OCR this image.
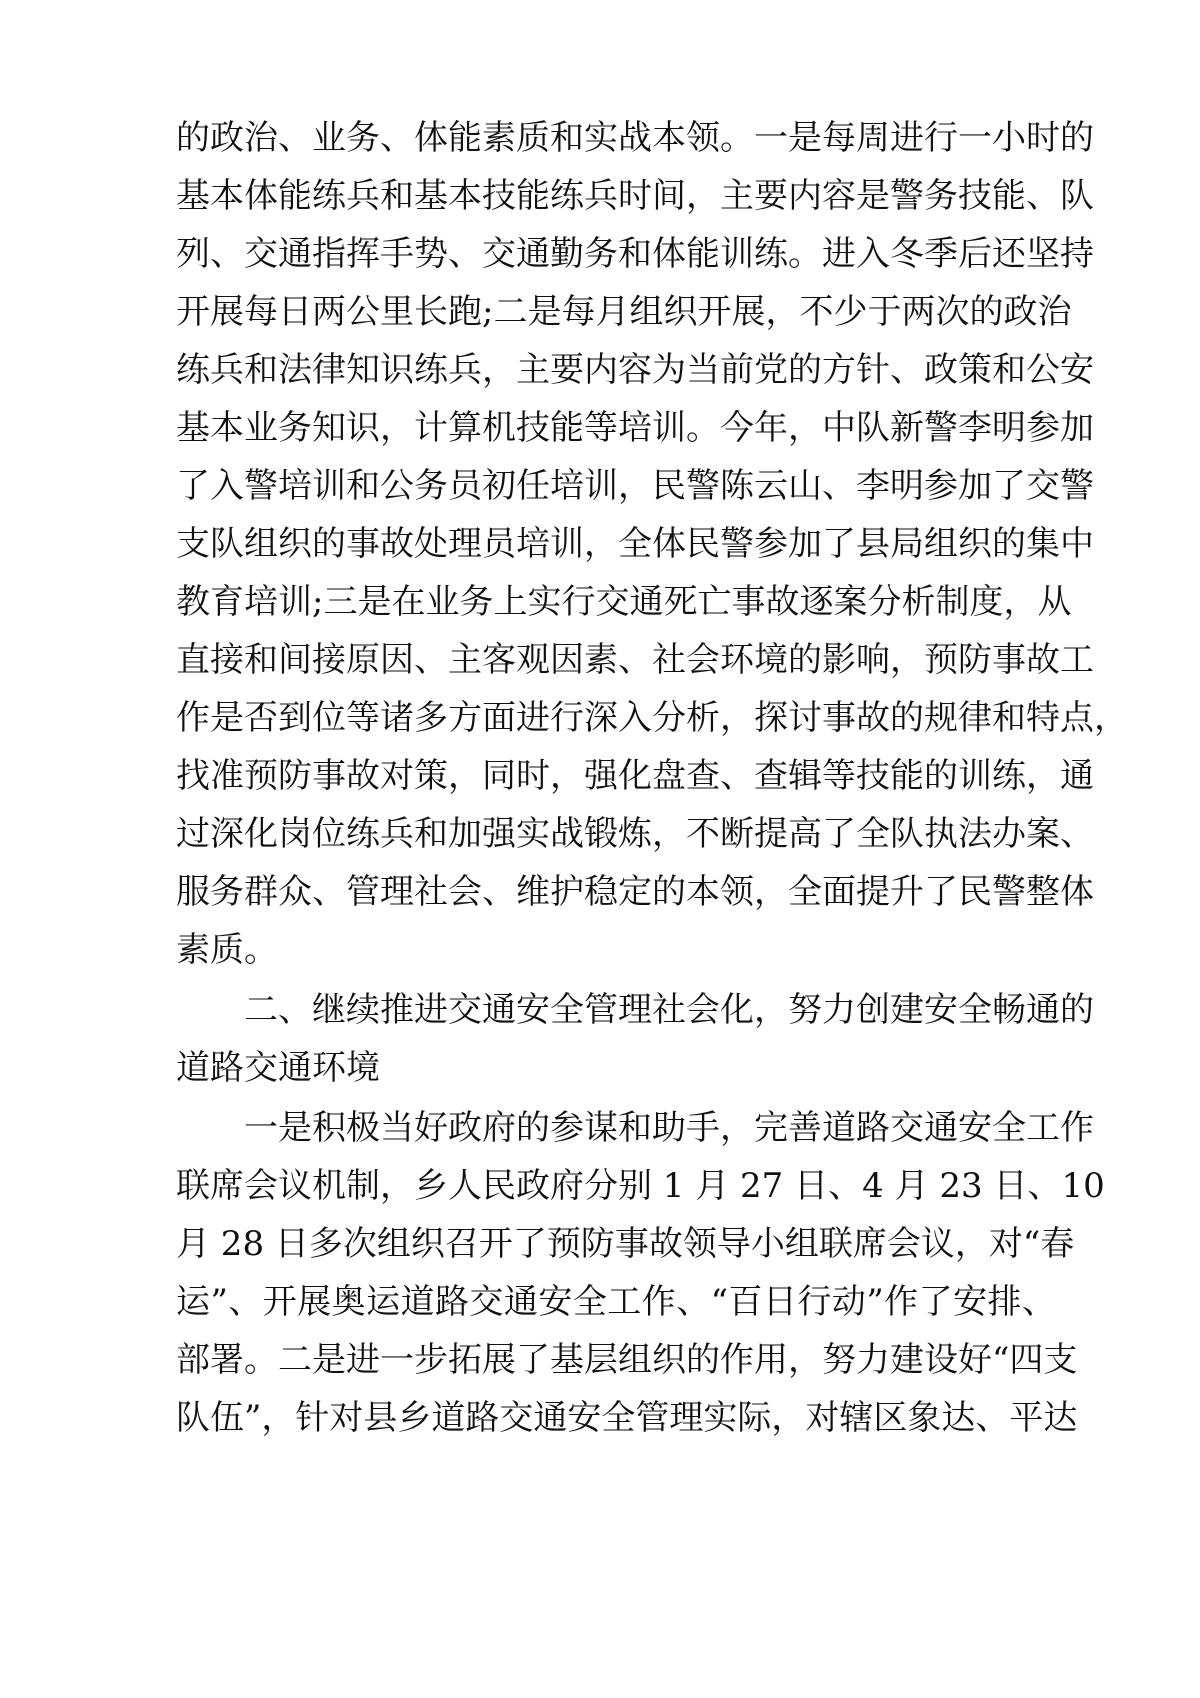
的政治、业务、体能素质和实战本领。一是每周进行一小时的
基本体能练兵和基本技能练兵时间，主要内容是警务技能、队
列、交通指挥手势、交通勤务和体能训练。进入冬季后还坚持
开展每日两公里长跑;二是每月组织开展，不少于两次的政治
练兵和法律知识练兵，主要内容为当前党的方针、政策和公安
基本业务知识，计算机技能等培训。今年，中队新警李明参加
了入警培训和公务员初任培训，民警陈云山、李明参加了交警
支队组织的事故处理员培训，全体民警参加了县局组织的集中
教育培训;三是在业务上实行交通死亡事故逐案分析制度，从
直接和间接原因、主客观因素、社会环境的影响，预防事故工
作是否到位等诸多方面进行深入分析，探讨事故的规律和特点，
找准预防事故对策，同时，强化盘查、查辑等技能的训练，通
过深化岗位练兵和加强实战锻炼，不断提高了全队执法办案、
服务群众、管理社会、维护稳定的本领，全面提升了民警整体
素质。
二、继续推进交通安全管理社会化，努力创建安全畅通的
道路交通环境
一是积极当好政府的参谋和助手，完善道路交通安全工作
联席会议机制，乡人民政府分别 1 月 27 日、4 月 23 日、10
月 28 日多次组织召开了预防事故领导小组联席会议，对“春
运”、开展奥运道路交通安全工作、“百日行动”作了安排、
部署。二是进一步拓展了基层组织的作用，努力建设好“四支
队伍”，针对县乡道路交通安全管理实际，对辖区象达、平达
